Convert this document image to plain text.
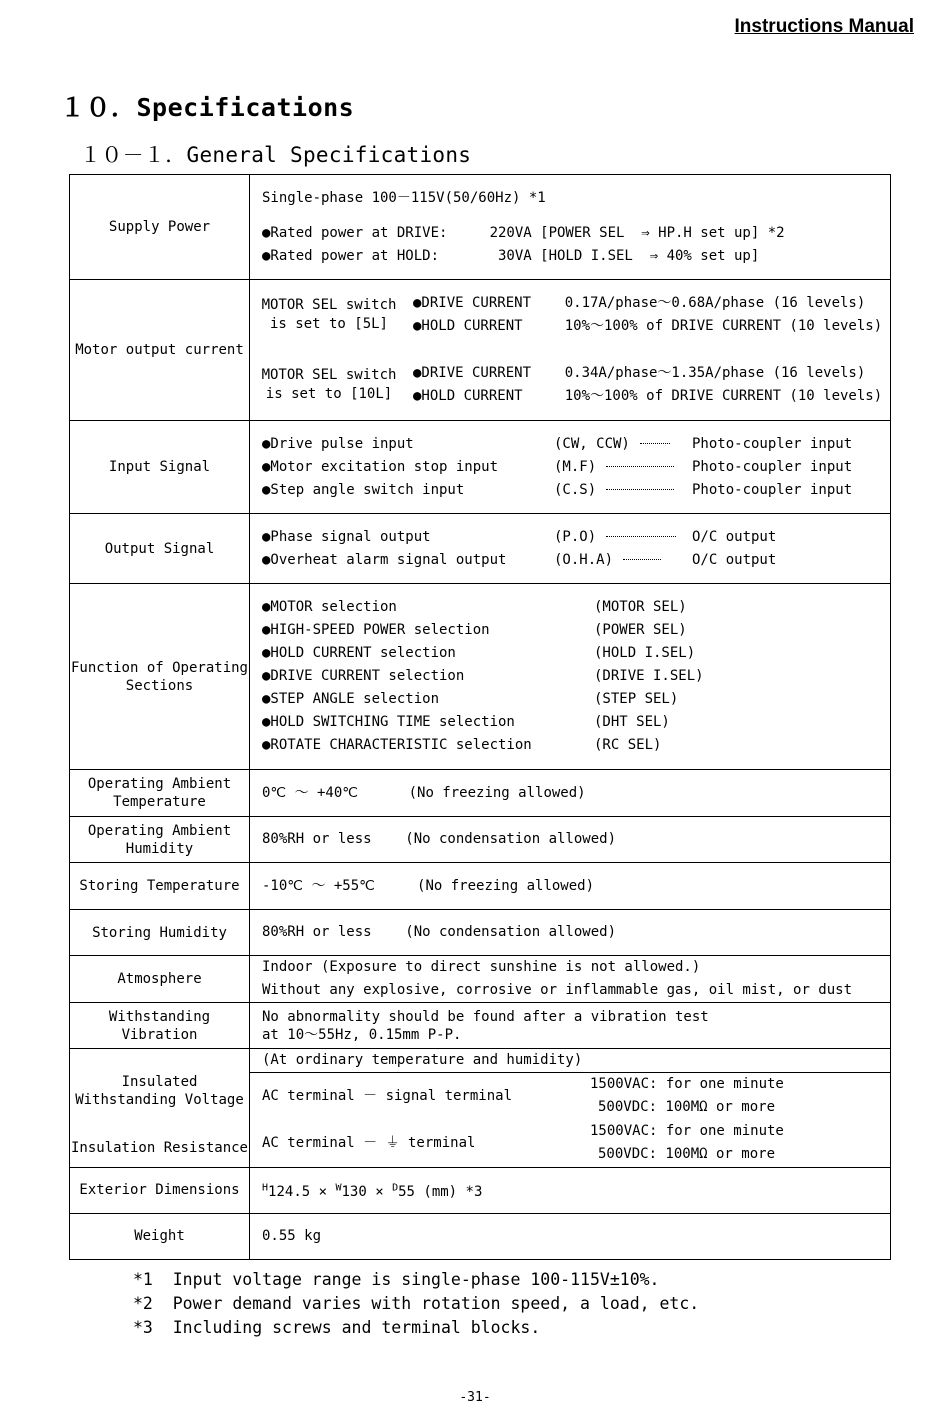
Instructions Manual
１０．Specifications
１０－１．General Specifications
Supply Power	
Single-phase 100－115V(50/60Hz) *1
●Rated power at DRIVE:     220VA [POWER SEL  ⇒ HP.H set up] *2
●Rated power at HOLD:       30VA [HOLD I.SEL  ⇒ 40% set up]

Motor output current	
MOTOR SEL switch
is set to [5L]

●DRIVE CURRENT    0.17A/phase～0.68A/phase (16 levels)
●HOLD CURRENT     10%～100% of DRIVE CURRENT (10 levels)

MOTOR SEL switch
is set to [10L]

●DRIVE CURRENT    0.34A/phase～1.35A/phase (16 levels)
●HOLD CURRENT     10%～100% of DRIVE CURRENT (10 levels)

Input Signal	
●Drive pulse input	(CW, CCW)	Photo-coupler input
●Motor excitation stop input	(M.F)	Photo-coupler input
●Step angle switch input	(C.S)	Photo-coupler input

Output Signal	
●Phase signal output	(P.O)	O/C output
●Overheat alarm signal output	(O.H.A)	O/C output

Function of Operating
Sections

●MOTOR selection	(MOTOR SEL)
●HIGH-SPEED POWER selection	(POWER SEL)
●HOLD CURRENT selection	(HOLD I.SEL)
●DRIVE CURRENT selection	(DRIVE I.SEL)
●STEP ANGLE selection	(STEP SEL)
●HOLD SWITCHING TIME selection	(DHT SEL)
●ROTATE CHARACTERISTIC selection	(RC SEL)

Operating Ambient
Temperature

0℃ ～ +40℃      (No freezing allowed)

Operating Ambient
Humidity

80%RH or less    (No condensation allowed)

Storing Temperature	-10℃ ～ +55℃     (No freezing allowed)

Storing Humidity	80%RH or less    (No condensation allowed)

Atmosphere	
Indoor (Exposure to direct sunshine is not allowed.)
Without any explosive, corrosive or inflammable gas, oil mist, or dust

Withstanding
Vibration

No abnormality should be found after a vibration test
at 10～55Hz, 0.15mm P-P.

Insulated
Withstanding Voltage
Insulation Resistance

(At ordinary temperature and humidity)
AC terminal － signal terminal	
1500VAC: for one minute
500VDC: 100MΩ or more

AC terminal － ⏚ terminal	
1500VAC: for one minute
500VDC: 100MΩ or more

Exterior Dimensions	$^H$124.5 × $^W$130 × $^D$55 (mm) *3
Weight	0.55 kg
*1  Input voltage range is single-phase 100-115V±10%.
*2  Power demand varies with rotation speed, a load, etc.
*3  Including screws and terminal blocks.
-31-
